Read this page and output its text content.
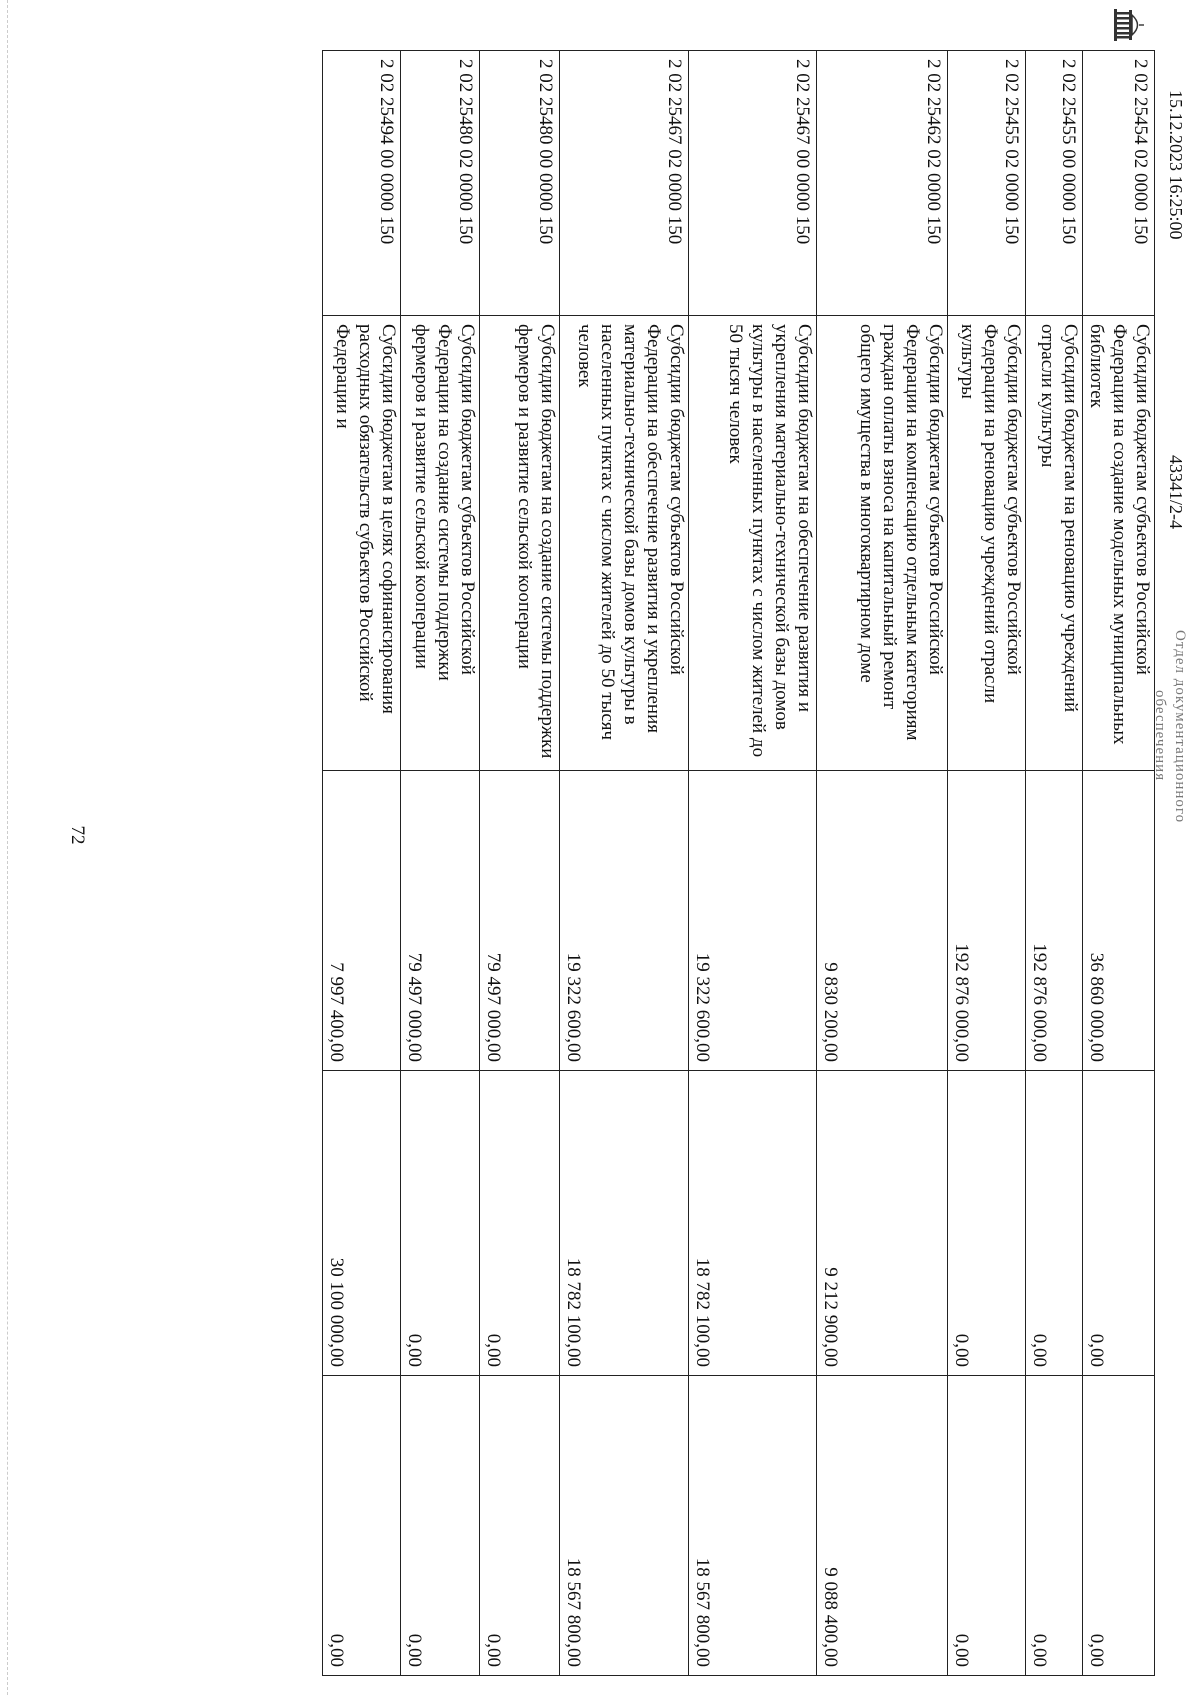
72
2 02 25454 02 0000 150	Субсидии бюджетам субъектов Российской Федерации на создание модельных муниципальных библиотек	36 860 000,00	0,00	0,00
2 02 25455 00 0000 150	Субсидии бюджетам на реновацию учреждений отрасли культуры	192 876 000,00	0,00	0,00
2 02 25455 02 0000 150	Субсидии бюджетам субъектов Российской Федерации на реновацию учреждений отрасли культуры	192 876 000,00	0,00	0,00
2 02 25462 02 0000 150	Субсидии бюджетам субъектов Российской Федерации на компенсацию отдельным категориям граждан оплаты взноса на капитальный ремонт общего имущества в многоквартирном доме	9 830 200,00	9 212 900,00	9 088 400,00
2 02 25467 00 0000 150	Субсидии бюджетам на обеспечение развития и укрепления материально-технической базы домов культуры в населенных пунктах с числом жителей до 50 тысяч человек	19 322 600,00	18 782 100,00	18 567 800,00
2 02 25467 02 0000 150	Субсидии бюджетам субъектов Российской Федерации на обеспечение развития и укрепления материально-технической базы домов культуры в населенных пунктах с числом жителей до 50 тысяч человек	19 322 600,00	18 782 100,00	18 567 800,00
2 02 25480 00 0000 150	Субсидии бюджетам на создание системы поддержки фермеров и развитие сельской кооперации	79 497 000,00	0,00	0,00
2 02 25480 02 0000 150	Субсидии бюджетам субъектов Российской Федерации на создание системы поддержки фермеров и развитие сельской кооперации	79 497 000,00	0,00	0,00
2 02 25494 00 0000 150	Субсидии бюджетам в целях софинансирования расходных обязательств субъектов Российской Федерации и	7 997 400,00	30 100 000,00	0,00
15.12.2023 16:25:00
43341/2-4
Отдел документационного
обеспечения
